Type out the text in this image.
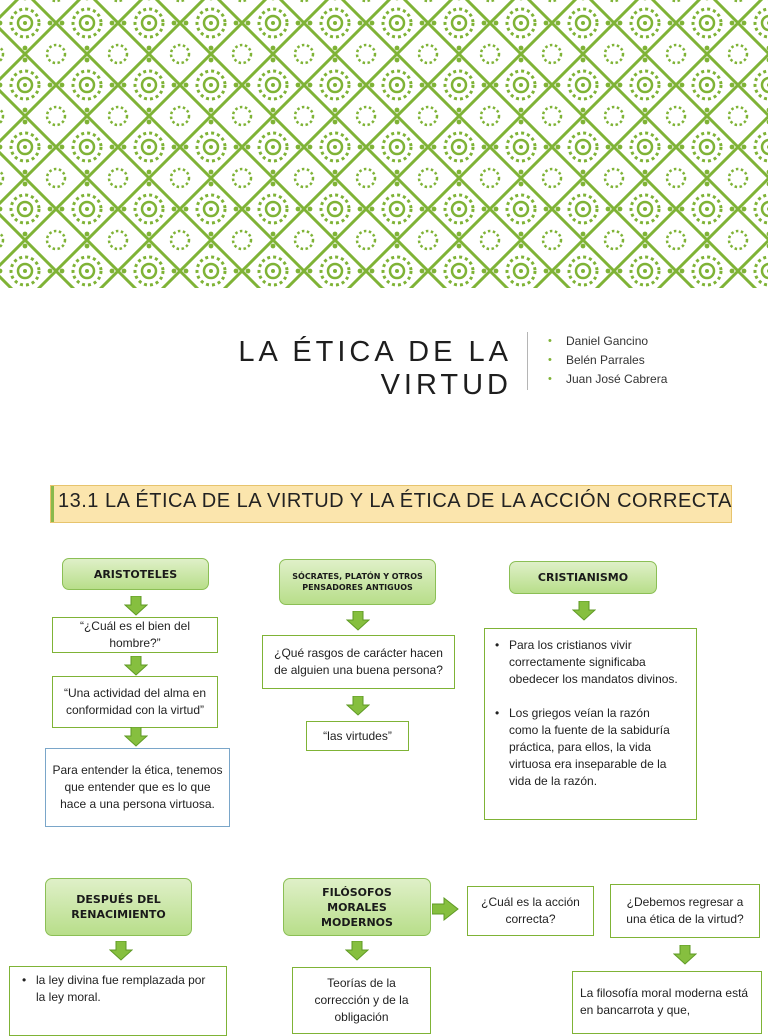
LA ÉTICA DE LA VIRTUD
• Daniel Gancino
• Belén Parrales
• Juan José Cabrera
13.1 LA ÉTICA DE LA VIRTUD Y LA ÉTICA DE LA ACCIÓN CORRECTA
ARISTOTELES
“¿Cuál es el bien del hombre?”
“Una actividad del alma en conformidad con la virtud”
Para entender la ética, tenemos que entender que es lo que hace a una persona virtuosa.
SÓCRATES, PLATÓN Y OTROS PENSADORES ANTIGUOS
¿Qué rasgos de carácter hacen de alguien una buena persona?
“las virtudes”
CRISTIANISMO
• Para los cristianos vivir correctamente significaba obedecer los mandatos divinos.
• Los griegos veían la razón como la fuente de la sabiduría práctica, para ellos, la vida virtuosa era inseparable de la vida de la razón.
DESPUÉS DEL RENACIMIENTO
• la ley divina fue remplazada por la ley moral.
FILÓSOFOS MORALES MODERNOS
¿Cuál es la acción correcta?
¿Debemos regresar a una ética de la virtud?
Teorías de la corrección y de la obligación
La filosofía moral moderna está en bancarrota y que,
